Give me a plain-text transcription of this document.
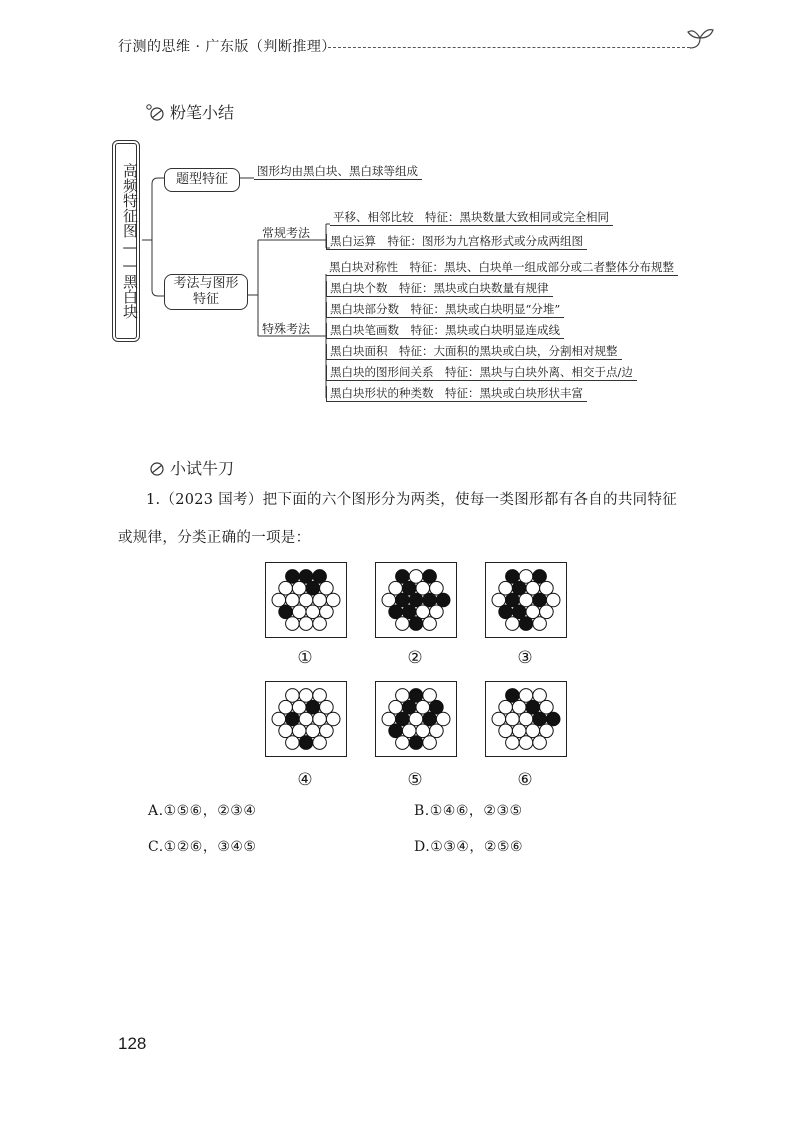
行测的思维 · 广东版（判断推理）
粉笔小结
高频特征图——黑白块	题型特征
图形均由黑白块、黑白球等组成
考法与图形特征
常规考法
特殊考法
平移、相邻比较　特征：黑块数量大致相同或完全相同
黑白运算　特征：图形为九宫格形式或分成两组图
黑白块对称性　特征：黑块、白块单一组成部分或二者整体分布规整
黑白块个数　特征：黑块或白块数量有规律
黑白块部分数　特征：黑块或白块明显“分堆”
黑白块笔画数　特征：黑块或白块明显连成线
黑白块面积　特征：大面积的黑块或白块，分割相对规整
黑白块的图形间关系　特征：黑块与白块外离、相交于点/边
黑白块形状的种类数　特征：黑块或白块形状丰富
小试牛刀
1.（2023 国考）把下面的六个图形分为两类，使每一类图形都有各自的共同特征
或规律，分类正确的一项是：
①	②	③
④	⑤	⑥
A.①⑤⑥，②③④	B.①④⑥，②③⑤
C.①②⑥，③④⑤	D.①③④，②⑤⑥
128
